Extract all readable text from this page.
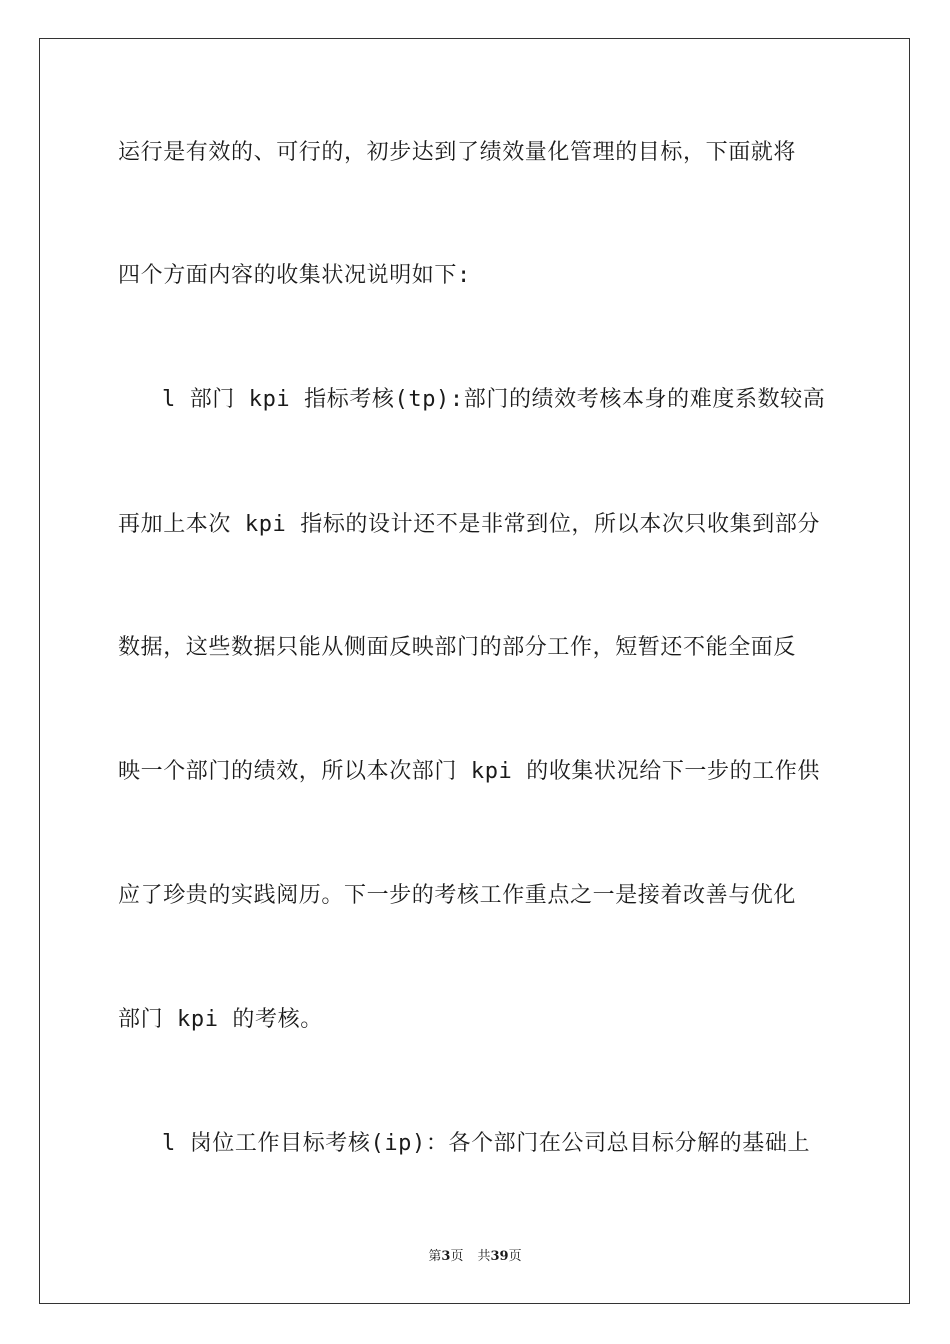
运行是有效的、可行的，初步达到了绩效量化管理的目标，下面就将
四个方面内容的收集状况说明如下:
l 部门 kpi 指标考核(tp):部门的绩效考核本身的难度系数较高
再加上本次 kpi 指标的设计还不是非常到位，所以本次只收集到部分
数据，这些数据只能从侧面反映部门的部分工作，短暂还不能全面反
映一个部门的绩效，所以本次部门 kpi 的收集状况给下一步的工作供
应了珍贵的实践阅历。下一步的考核工作重点之一是接着改善与优化
部门 kpi 的考核。
l 岗位工作目标考核(ip)：各个部门在公司总目标分解的基础上
第3页 共39页
